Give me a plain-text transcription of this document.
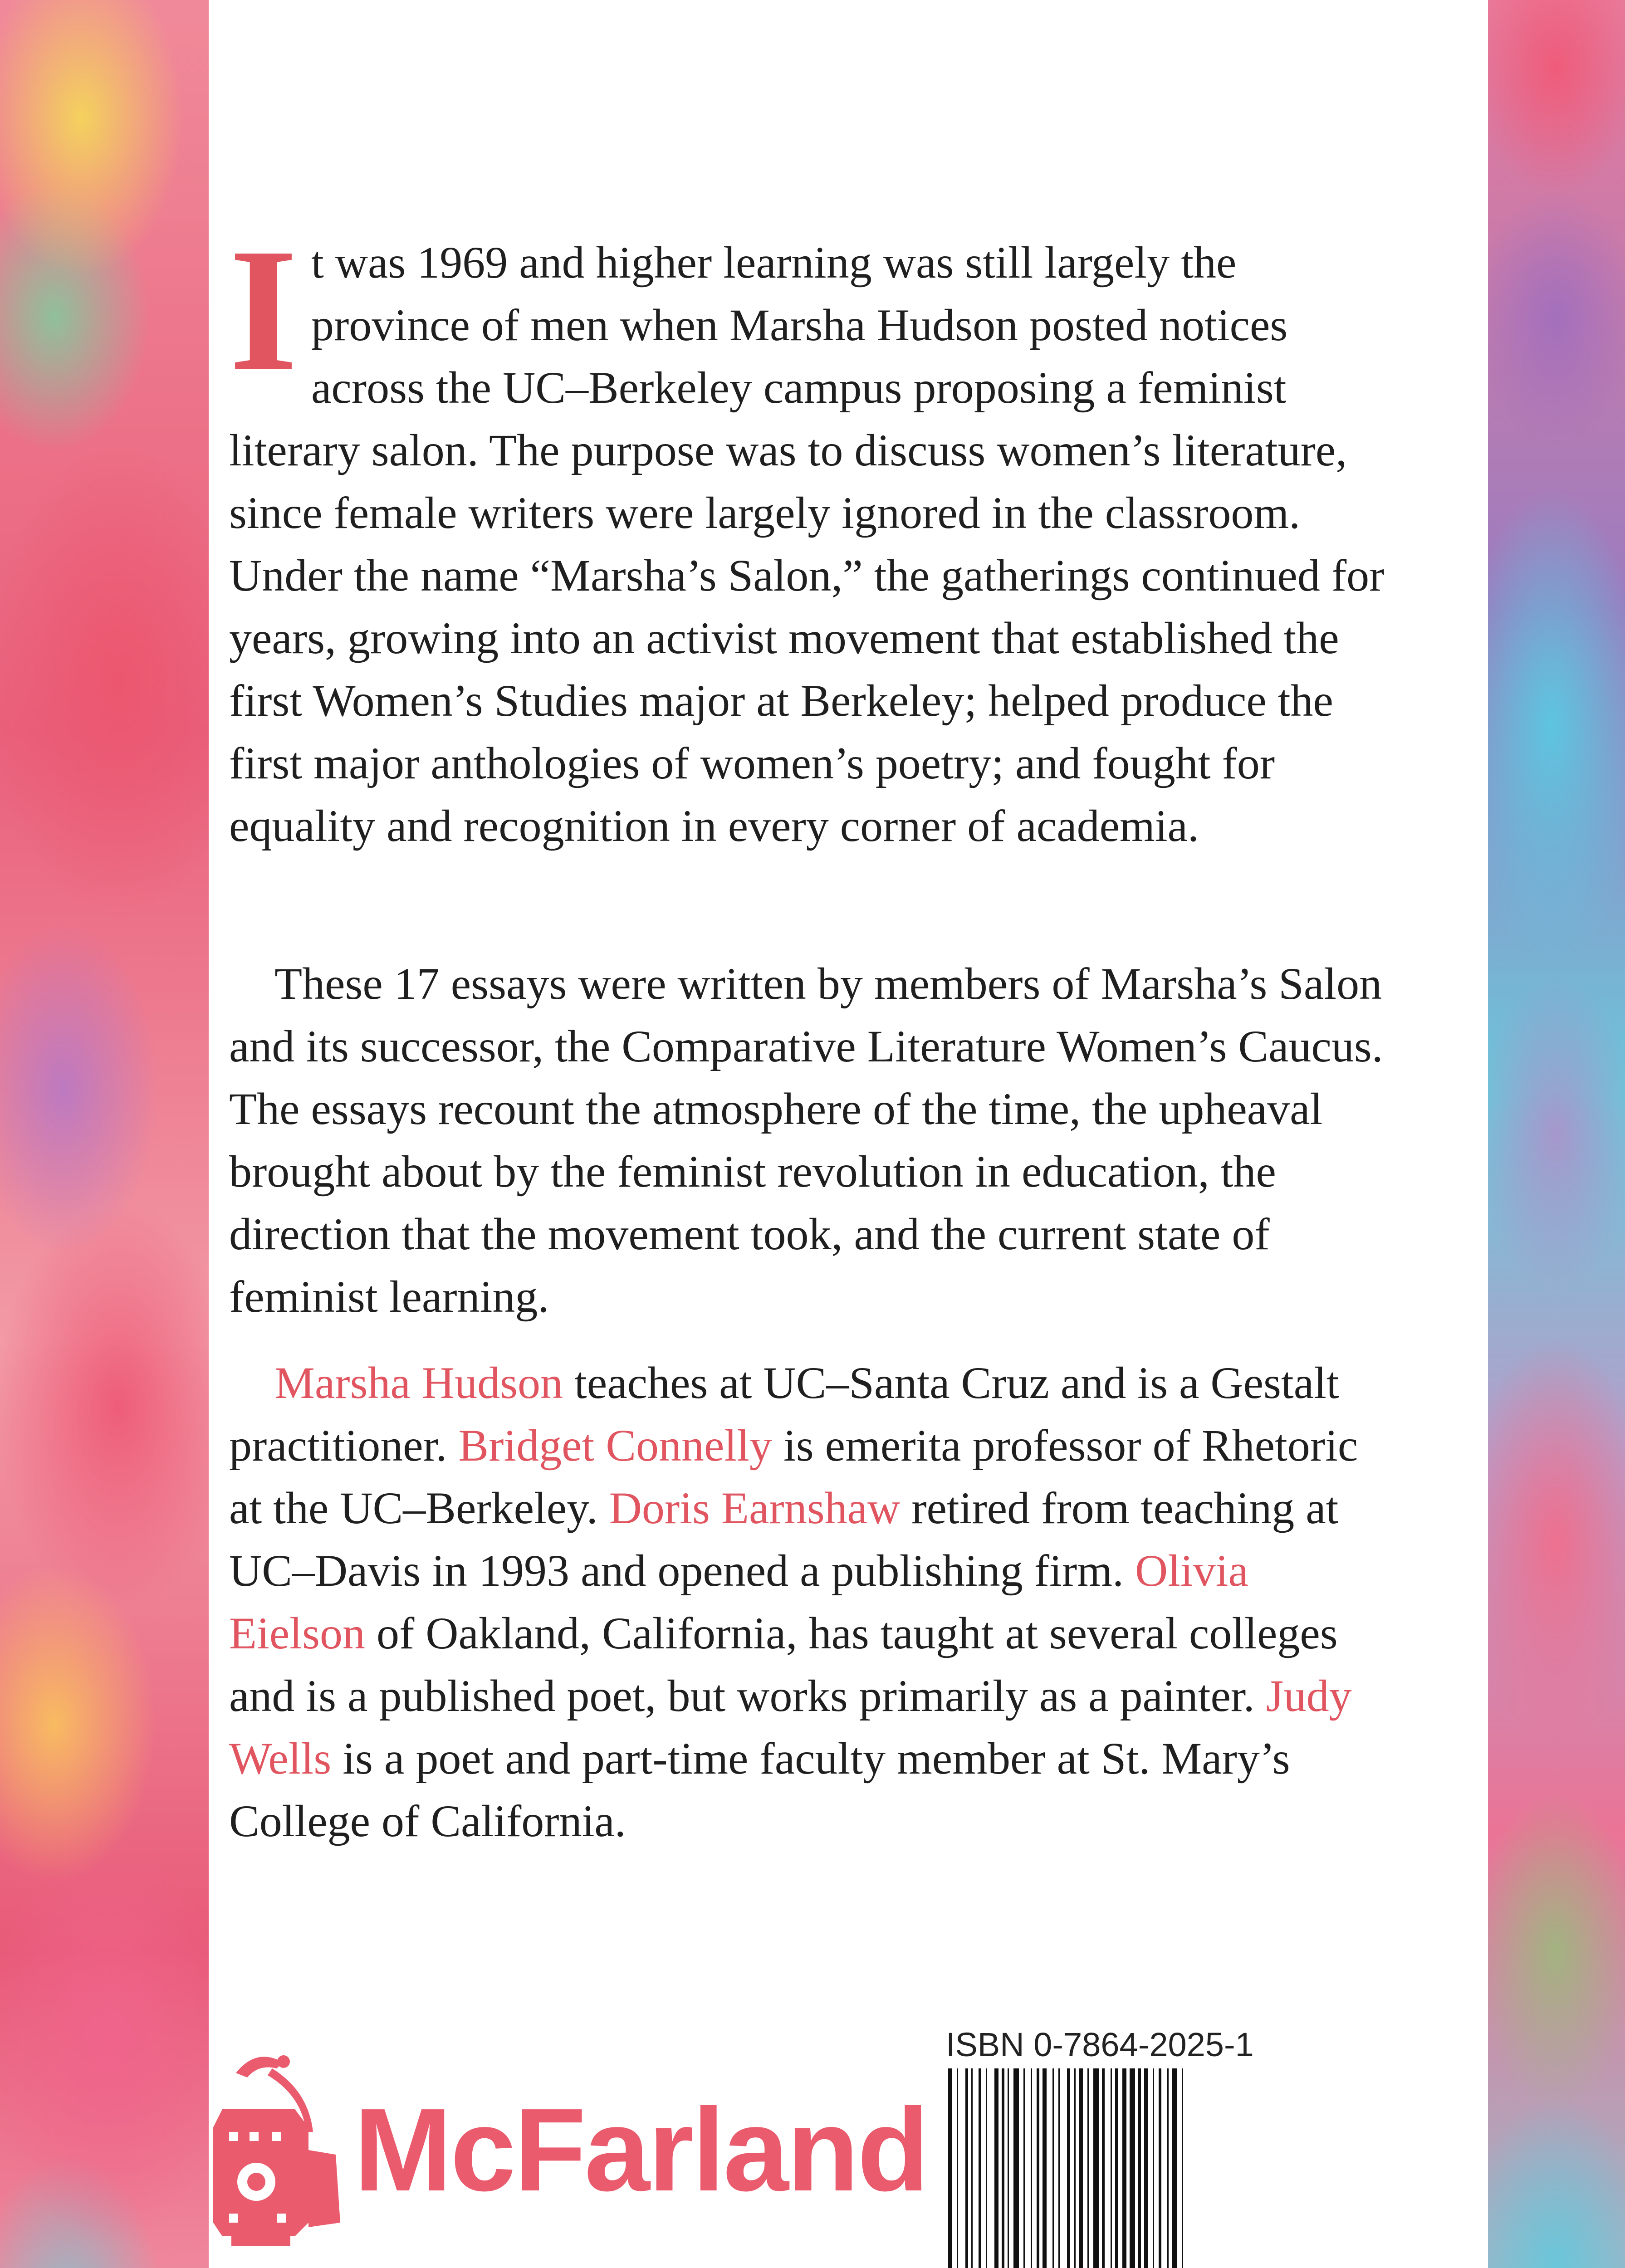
I t was 1969 and higher learning was still largely the province of men when Marsha Hudson posted notices across the UC–Berkeley campus proposing a feminist literary salon. The purpose was to discuss women’s literature, since female writers were largely ignored in the classroom. Under the name “Marsha’s Salon,” the gatherings continued for years, growing into an activist movement that established the first Women’s Studies major at Berkeley; helped produce the first major anthologies of women’s poetry; and fought for equality and recognition in every corner of academia.

These 17 essays were written by members of Marsha’s Salon and its successor, the Comparative Literature Women’s Caucus. The essays recount the atmosphere of the time, the upheaval brought about by the feminist revolution in education, the direction that the movement took, and the current state of feminist learning.

Marsha Hudson teaches at UC–Santa Cruz and is a Gestalt practitioner. Bridget Connelly is emerita professor of Rhetoric at the UC–Berkeley. Doris Earnshaw retired from teaching at UC–Davis in 1993 and opened a publishing firm. Olivia Eielson of Oakland, California, has taught at several colleges and is a published poet, but works primarily as a painter. Judy Wells is a poet and part-time faculty member at St. Mary’s College of California.

McFarland
ISBN 0-7864-2025-1
